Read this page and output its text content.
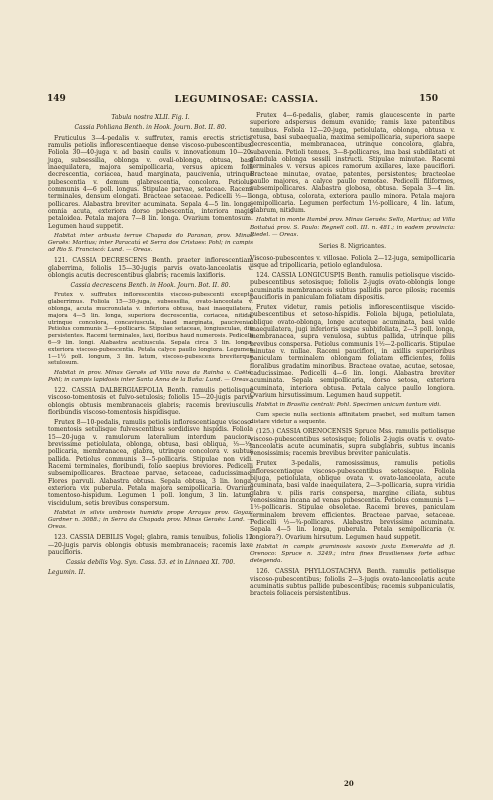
149	LEGUMINOSAE: CASSIA.	150

Tabula nostra XLII. Fig. I.

Cassia Pohliana Benth. in Hook. Journ. Bot. II. 80.

Fruticulus 3—4-pedalis v. suffrutex, ramis erectis strictis, ramulis petiolis inflorescentiaeque dense viscoso-pubescentibus. Foliola 30—40-juga v. ad basin caulis v. innovationum 10—20-juga, subsessilia, oblonga v. ovali-oblonga, obtusa, basi inaequilatera, majora semipollicaria, versus apicem folii decrescentia, coriacea, haud marginata, paucivenia, utrinque pubescentia v. demum glabrescentia, concolora. Petiolus communis 4—6 poll. longus. Stipulae parvae, setaceae. Racemi terminales, densum elongati. Bracteae setaceae. Pedicelli ½—1-pollicares. Alabastra breviter acuminata. Sepala 4—5 lin. longa, omnia acuta, exteriora dorso pubescentia, interiora magis petaloidea. Petala majora 7—8 lin. longa. Ovarium tomentosum. Legumen haud suppetit.

Habitat inter arbusta terrae Chapada do Paranan, prov. Minas Geraës: Martius; inter Paracatú et Serra dos Cristaes: Pohl; in campis ad Rio S. Franciscó: Lund. — Oreas.

121. CASSIA DECRESCENS Benth. praeter inflorescentiam glaberrima, foliolis 15—30-jugis parvis ovato-lanceolatis v. oblongis acutis decrescentibus glabris; racemis laxifloris.

Cassia decrescens Benth. in Hook. Journ. Bot. II. 80.

Frutex v. suffrutex inflorescentiis viscoso-pubescenti excepta glaberrimus. Foliola 15—30-juga, subsessilia, ovato-lanceolata v. oblonga, acuta mucronulata v. inferiora obtusa, basi inaequilatera, majora 4—5 lin. longa, superiora decrescentia, coriacea, nitida, utrinque concolora, concaviuscula, haud marginata, paucivenia. Petiolus communis 3—4-pollicaris. Stipulae setaceae, longiusculae, diu persistentes. Racemi terminales, laxi, floribus haud numerosis. Pedicelli 6—9 lin. longi. Alabastra acutiuscula. Sepala circa 3 lin. longa, exteriora viscoso-pubescentia. Petala calyce paullo longiora. Legumen 1—1½ poll. longum, 3 lin. latum, viscoso-pubescens breviterque setulosum.

Habitat in prov. Minas Geraës ad Villa nova da Rainha v. Caëté: Pohl; in campis lapidosis inter Santa Anna de la Baña: Lund. — Oreas.

122. CASSIA DALBERGIAEFOLIA Benth. ramulis petiolisque viscoso-tomentosis et fulvo-setulosis; foliolis 15—20-jugis parvis oblongis obtusis membranaceis glabris; racemis breviusculis floribundis viscoso-tomentosis hispidisque.

Frutex 8—10-pedalis, ramulis petiolis inflorescentiaque viscoso-tomentosis setulisque fulvescentibus sordidisve hispidis. Foliola 15—20-juga v. ramulorum lateralium interdum pauciora, brevissime petiolulata, oblonga, obtusa, basi obliqua, ⅓—½-pollicaria, membranacea, glabra, utrinque concolora v. subtus pallida. Petiolus communis 3—5-pollicaris. Stipulae non vidi. Racemi terminales, floribundi, folio saepius breviores. Pedicelli subsemipollicares. Bracteae parvae, setaceae, caducissimae. Flores parvuli. Alabastra obtusa. Sepala obtusa, 3 lin. longa, exteriora vix puberula. Petala majora semipollicaria. Ovarium tomentoso-hispidum. Legumen 1 poll. longum, 3 lin. latum, viscidulum, setis brevibus conspersum.

Habitat in silvis umbrosis humidis prope Arrayas prov. Goyaz: Gardner n. 3088.; in Serra da Chapada prov. Minas Geraës: Lund. — Oreas.

123. CASSIA DEBILIS Vogel; glabra, ramis tenuibus, foliolis 12—20-jugis parvis oblongis obtusis membranaceis; racemis laxe paucifloris.

Cassia debilis Vog. Syn. Cass. 53. et in Linnaea XI. 700.

Legumin. II.

Frutex 4—6-pedalis, glaber, ramis glaucescente in parte superiore adspersus demum evanido; ramis laxe patentibus tenuibus. Foliola 12—20-juga, petiolulata, oblonga, obtusa v. retusa, basi subaequalia, maxima semipollicaria, superiora saepe decrescentia, membranacea, utrinque concolora, glabra, subavenia. Petioli tenues, 3—8-pollicares, ima basi subdilatati et glandula oblonga sessili instructi. Stipulae minutae. Racemi terminales v. versus apices ramorum axillares, laxe pauciflori. Bracteae minutae, ovatae, patentes, persistentes; bracteolae paullo majores, a calyce paullo remotae. Pedicelli filiformes, subsemipollicares. Alabastra globosa, obtusa. Sepala 3—4 lin. longa, obtusa, colorata, exteriora paullo minora. Petala majora semipollicaria. Legumen perfectum 1½-pollicare, 4 lin. latum, glabrum, nitidum.

Habitat in monte Itambé prov. Minas Geraës: Sello, Martius; ad Villa Boitatuá prov. S. Paulo: Regnell coll. III. n. 481.; in eadem provincia: Riedel. — Oreas.

Series 8. Nigricantes.

Viscoso-pubescentes v. villosae. Foliola 2—12-juga, semipollicaria usque ad tripollicaria, petiolo eglandulosa.

124. CASSIA LONGICUSPIS Benth. ramulis petiolisque viscido-pubescentibus setosisque; foliolis 2-jugis ovato-oblongis longe acuminatis membranaceis subtus pallidis parce pilosis; racemis paucifloris in paniculam foliatam dispositis.

Frutex videtur, ramis petiolis inflorescentiisque viscido-pubescentibus et setoso-hispidis. Foliola bijuga, petiolulata, oblique ovato-oblonga, longe acuteque acuminata, basi valde inaequilatera, jugi inferioris usque subbifoliata, 2—3 poll. longa, membranacea, supra venulosa, subtus pallida, utrinque pilis brevibus conspersa. Petiolus communis 1½—2-pollicaris. Stipulae minutae v. nullae. Racemi pauciflori, in axillis superioribus paniculam terminalem oblongam foliatam efficientes, foliis floralibus gradatim minoribus. Bracteae ovatae, acutae, setosae, caducissimae. Pedicelli 4—6 lin. longi. Alabastra breviter acuminata. Sepala semipollicaria, dorso setosa, exteriora acuminata, interiora obtusa. Petala calyce paullo longiora. Ovarium hirsutissimum. Legumen haud suppetit.

Habitat in Brasilia centrali: Pohl. Specimen unicum tantum vidi.

Cum specie nulla sectionis affinitatem praebet, sed multum tamen distare videtur a sequente.

(125.) CASSIA ORENOCENSIS Spruce Mss. ramulis petiolisque viscoso-pubescentibus setosisque; foliolis 2-jugis ovatis v. ovato-lanceolatis acute acuminatis, supra subglabris, subtus incanis venosissimis; racemis brevibus breviter paniculatis.

Frutex 3-pedalis, ramosissimus, ramulis petiolis inflorescentiaque viscoso-pubescentibus setosisque. Foliola bijuga, petiolulata, oblique ovata v. ovato-lanceolata, acute acuminata, basi valde inaequilatera, 2—3-pollicaria, supra viridia glabra v. pilis raris conspersa, margine ciliata, subtus venosissima incana ad venas pubescentia. Petiolus communis 1—1½-pollicaris. Stipulae obsoletae. Racemi breves, paniculam terminalem brevem efficientes. Bracteae parvae, setaceae. Pedicelli ½—¾-pollicares. Alabastra brevissime acuminata. Sepala 4—5 lin. longa, puberula. Petala semipollicaria (v. longiora?). Ovarium hirsutum. Legumen haud suppetit.

Habitat in campis graminosis saxosis juxta Esmeralda ad fl. Orenoco: Spruce n. 3249.; intra fines Brasilienses forte adhuc detegenda.

126. CASSIA PHYLLOSTACHYA Benth. ramulis petiolisque viscoso-pubescentibus; foliolis 2—3-jugis ovato-lanceolatis acute acuminatis subtus pallide pubescentibus; racemis subpaniculatis, bracteis foliaceis persistentibus.

20
